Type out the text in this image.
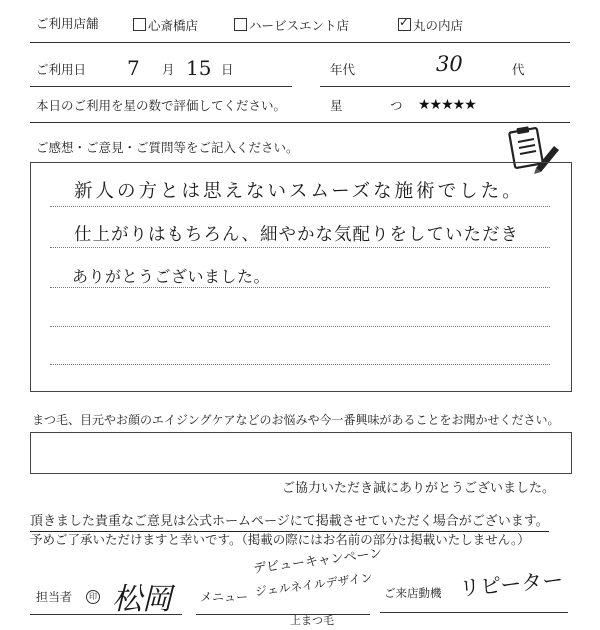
ご利用店舗	心斎橋店	ハービスエント店
✓	丸の内店
ご利用日 7 月 15 日	年代	30	代
本日のご利用を星の数で評価してください。	星	つ ★★★★★
ご感想・ご意見・ご質問等をご記入ください。
新人の方とは思えないスムーズな施術でした。
仕上がりはもちろん、細やかな気配りをしていただき
ありがとうございました。
まつ毛、目元やお顔のエイジングケアなどのお悩みや今一番興味があることをお聞かせください。
ご協力いただき誠にありがとうございました。
頂きました貴重なご意見は公式ホームページにて掲載させていただく場合がございます。
予めご了承いただけますと幸いです。（掲載の際にはお名前の部分は掲載いたしません。）
担当者	印 松岡 メニュー
デビューキャンペーン
ジェルネイルデザイン
上まつ毛
ご来店動機 リピーター
